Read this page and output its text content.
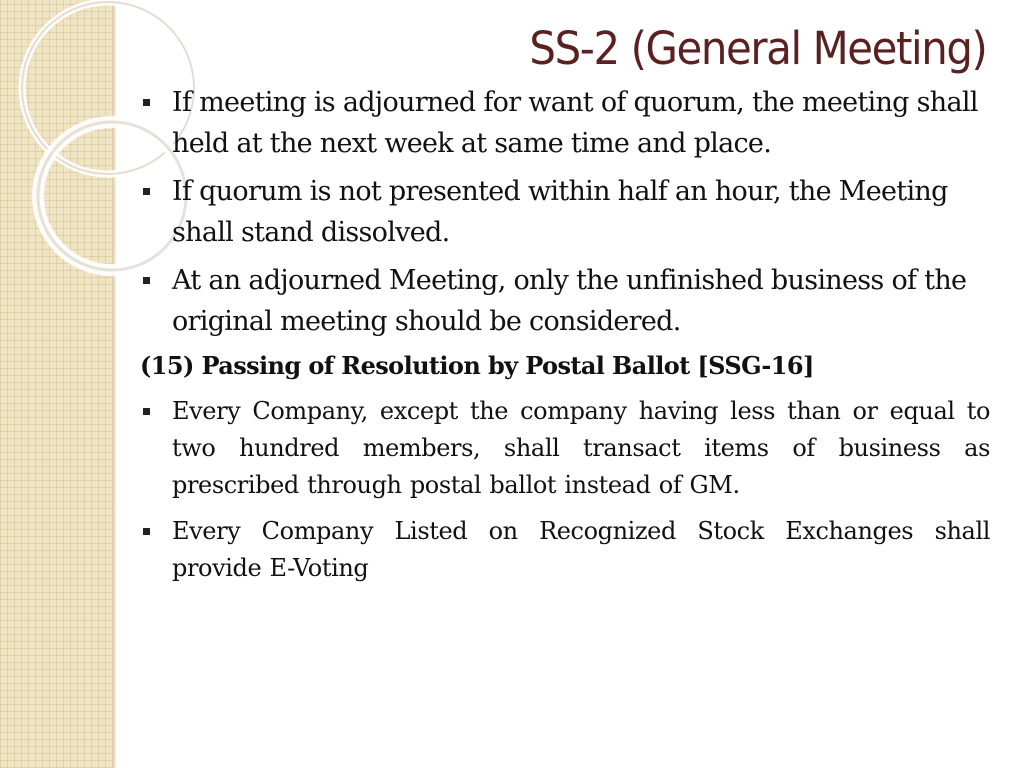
SS-2 (General Meeting)
If meeting is adjourned for want of quorum, the meeting shall held at the next week at same time and place.
If quorum is not presented within half an hour, the Meeting shall stand dissolved.
At an adjourned Meeting, only the unfinished business of the original meeting should be considered.

(15) Passing of Resolution by Postal Ballot [SSG-16]

Every Company, except the company having less than or equal to two hundred members, shall transact items of business as prescribed through postal ballot instead of GM.
Every Company Listed on Recognized Stock Exchanges shall provide E-Voting
